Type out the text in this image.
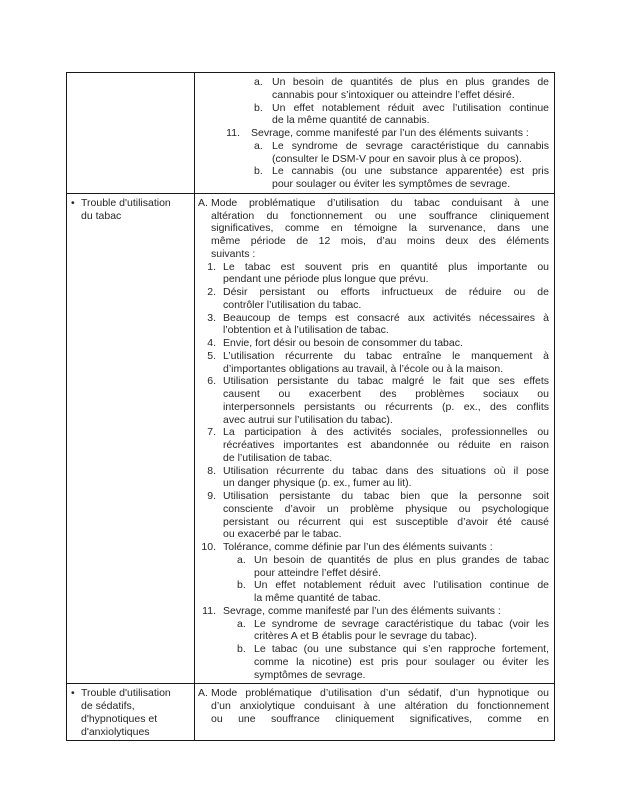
a. Un besoin de quantités de plus en plus grandes de
cannabis pour s’intoxiquer ou atteindre l’effet désiré.
b. Un effet notablement réduit avec l’utilisation continue
de la même quantité de cannabis.
11. Sevrage, comme manifesté par l’un des éléments suivants :
a. Le syndrome de sevrage caractéristique du cannabis
(consulter le DSM-V pour en savoir plus à ce propos).
b. Le cannabis (ou une substance apparentée) est pris
pour soulager ou éviter les symptômes de sevrage.
• Trouble d'utilisation
du tabac
A. Mode problématique d’utilisation du tabac conduisant à une
altération du fonctionnement ou une souffrance cliniquement
significatives, comme en témoigne la survenance, dans une
même période de 12 mois, d’au moins deux des éléments
suivants :
1. Le tabac est souvent pris en quantité plus importante ou
pendant une période plus longue que prévu.
2. Désir persistant ou efforts infructueux de réduire ou de
contrôler l’utilisation du tabac.
3. Beaucoup de temps est consacré aux activités nécessaires à
l’obtention et à l’utilisation de tabac.
4. Envie, fort désir ou besoin de consommer du tabac.
5. L’utilisation récurrente du tabac entraîne le manquement à
d’importantes obligations au travail, à l’école ou à la maison.
6. Utilisation persistante du tabac malgré le fait que ses effets
causent ou exacerbent des problèmes sociaux ou
interpersonnels persistants ou récurrents (p. ex., des conflits
avec autrui sur l’utilisation du tabac).
7. La participation à des activités sociales, professionnelles ou
récréatives importantes est abandonnée ou réduite en raison
de l’utilisation de tabac.
8. Utilisation récurrente du tabac dans des situations où il pose
un danger physique (p. ex., fumer au lit).
9. Utilisation persistante du tabac bien que la personne soit
consciente d’avoir un problème physique ou psychologique
persistant ou récurrent qui est susceptible d’avoir été causé
ou exacerbé par le tabac.
10. Tolérance, comme définie par l’un des éléments suivants :
a. Un besoin de quantités de plus en plus grandes de tabac
pour atteindre l’effet désiré.
b. Un effet notablement réduit avec l’utilisation continue de
la même quantité de tabac.
11. Sevrage, comme manifesté par l’un des éléments suivants :
a. Le syndrome de sevrage caractéristique du tabac (voir les
critères A et B établis pour le sevrage du tabac).
b. Le tabac (ou une substance qui s’en rapproche fortement,
comme la nicotine) est pris pour soulager ou éviter les
symptômes de sevrage.
• Trouble d'utilisation
de sédatifs,
d'hypnotiques et
d'anxiolytiques
A. Mode problématique d’utilisation d’un sédatif, d’un hypnotique ou
d’un anxiolytique conduisant à une altération du fonctionnement
ou une souffrance cliniquement significatives, comme en
